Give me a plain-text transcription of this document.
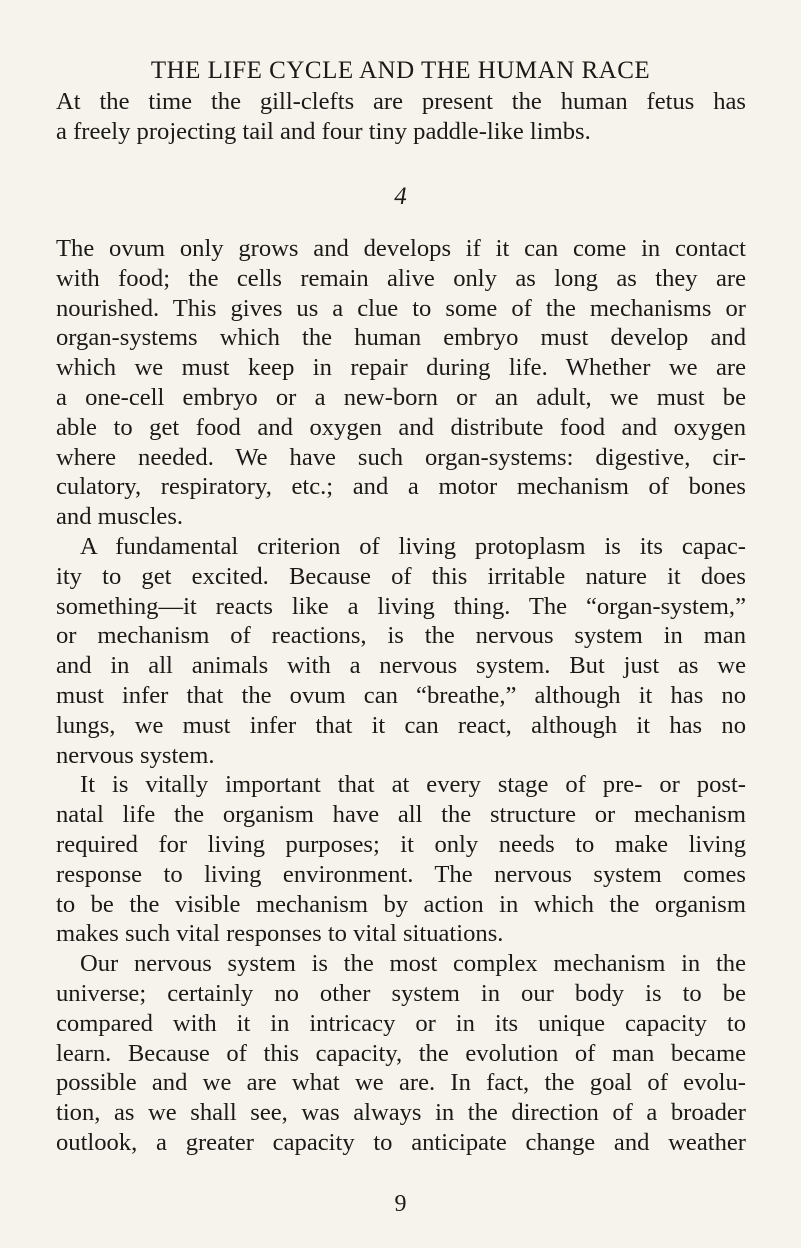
THE LIFE CYCLE AND THE HUMAN RACE
At the time the gill-clefts are present the human fetus has
a freely projecting tail and four tiny paddle-like limbs.
4
The ovum only grows and develops if it can come in contact
with food; the cells remain alive only as long as they are
nourished. This gives us a clue to some of the mechanisms or
organ-systems which the human embryo must develop and
which we must keep in repair during life. Whether we are
a one-cell embryo or a new-born or an adult, we must be
able to get food and oxygen and distribute food and oxygen
where needed. We have such organ-systems: digestive, cir-
culatory, respiratory, etc.; and a motor mechanism of bones
and muscles.
A fundamental criterion of living protoplasm is its capac-
ity to get excited. Because of this irritable nature it does
something—it reacts like a living thing. The “organ-system,”
or mechanism of reactions, is the nervous system in man
and in all animals with a nervous system. But just as we
must infer that the ovum can “breathe,” although it has no
lungs, we must infer that it can react, although it has no
nervous system.
It is vitally important that at every stage of pre- or post-
natal life the organism have all the structure or mechanism
required for living purposes; it only needs to make living
response to living environment. The nervous system comes
to be the visible mechanism by action in which the organism
makes such vital responses to vital situations.
Our nervous system is the most complex mechanism in the
universe; certainly no other system in our body is to be
compared with it in intricacy or in its unique capacity to
learn. Because of this capacity, the evolution of man became
possible and we are what we are. In fact, the goal of evolu-
tion, as we shall see, was always in the direction of a broader
outlook, a greater capacity to anticipate change and weather
9
